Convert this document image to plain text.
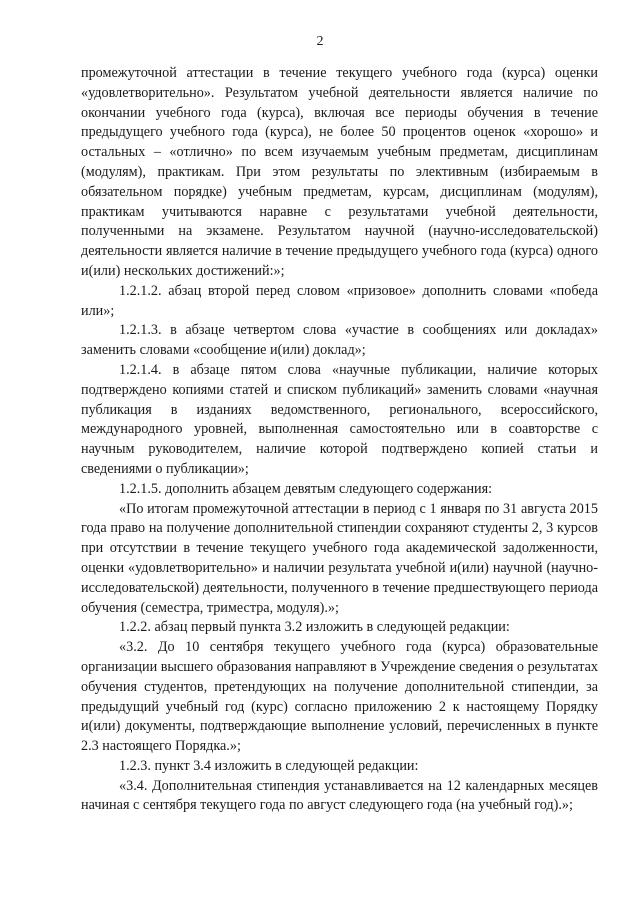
2

промежуточной аттестации в течение текущего учебного года (курса) оценки «удовлетворительно». Результатом учебной деятельности является наличие по окончании учебного года (курса), включая все периоды обучения в течение предыдущего учебного года (курса), не более 50 процентов оценок «хорошо» и остальных – «отлично» по всем изучаемым учебным предметам, дисциплинам (модулям), практикам. При этом результаты по элективным (избираемым в обязательном порядке) учебным предметам, курсам, дисциплинам (модулям), практикам учитываются наравне с результатами учебной деятельности, полученными на экзамене. Результатом научной (научно-исследовательской) деятельности является наличие в течение предыдущего учебного года (курса) одного и(или) нескольких достижений:»;

1.2.1.2. абзац второй перед словом «призовое» дополнить словами «победа или»;

1.2.1.3. в абзаце четвертом слова «участие в сообщениях или докладах» заменить словами «сообщение и(или) доклад»;

1.2.1.4. в абзаце пятом слова «научные публикации, наличие которых подтверждено копиями статей и списком публикаций» заменить словами «научная публикация в изданиях ведомственного, регионального, всероссийского, международного уровней, выполненная самостоятельно или в соавторстве с научным руководителем, наличие которой подтверждено копией статьи и сведениями о публикации»;

1.2.1.5. дополнить абзацем девятым следующего содержания:

«По итогам промежуточной аттестации в период с 1 января по 31 августа 2015 года право на получение дополнительной стипендии сохраняют студенты 2, 3 курсов при отсутствии в течение текущего учебного года академической задолженности, оценки «удовлетворительно» и наличии результата учебной и(или) научной (научно-исследовательской) деятельности, полученного в течение предшествующего периода обучения (семестра, триместра, модуля).»;

1.2.2. абзац первый пункта 3.2 изложить в следующей редакции:

«3.2. До 10 сентября текущего учебного года (курса) образовательные организации высшего образования направляют в Учреждение сведения о результатах обучения студентов, претендующих на получение дополнительной стипендии, за предыдущий учебный год (курс) согласно приложению 2 к настоящему Порядку и(или) документы, подтверждающие выполнение условий, перечисленных в пункте 2.3 настоящего Порядка.»;

1.2.3. пункт 3.4 изложить в следующей редакции:

«3.4. Дополнительная стипендия устанавливается на 12 календарных месяцев начиная с сентября текущего года по август следующего года (на учебный год).»;
